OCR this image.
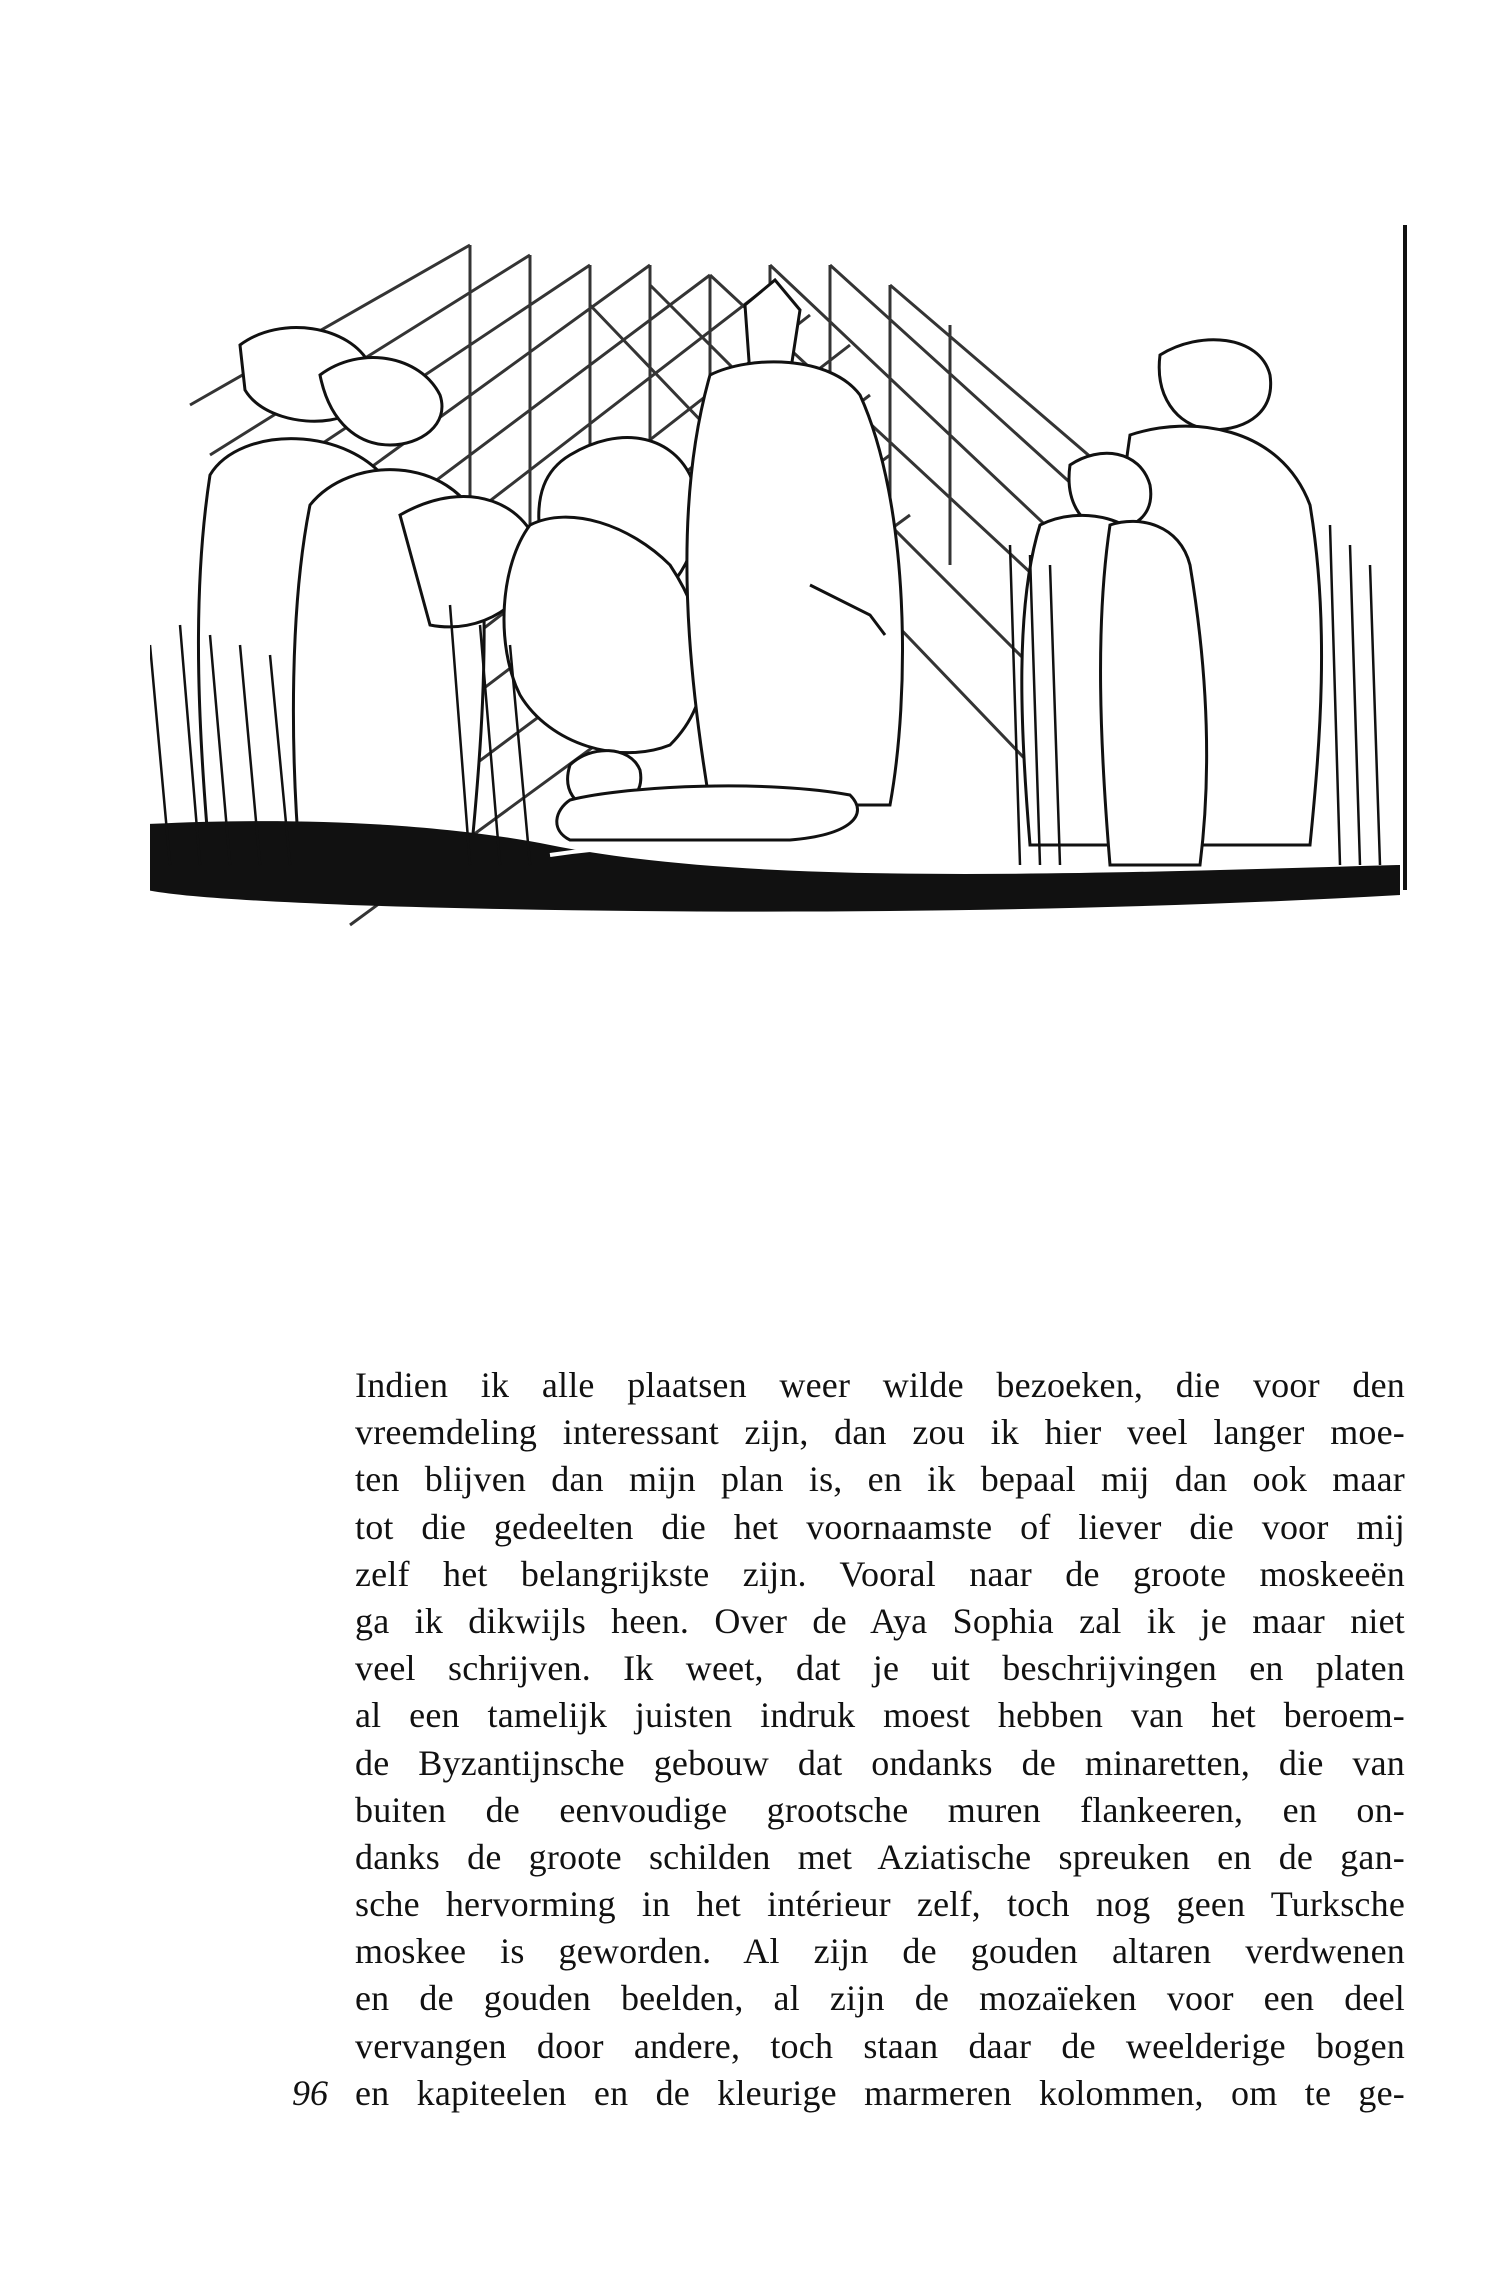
Indien ik alle plaatsen weer wilde bezoeken, die voor den
vreemdeling interessant zijn, dan zou ik hier veel langer moe-
ten blijven dan mijn plan is, en ik bepaal mij dan ook maar
tot die gedeelten die het voornaamste of liever die voor mij
zelf het belangrijkste zijn. Vooral naar de groote moskeeën
ga ik dikwijls heen. Over de Aya Sophia zal ik je maar niet
veel schrijven. Ik weet, dat je uit beschrijvingen en platen
al een tamelijk juisten indruk moest hebben van het beroem-
de Byzantijnsche gebouw dat ondanks de minaretten, die van
buiten de eenvoudige grootsche muren flankeeren, en on-
danks de groote schilden met Aziatische spreuken en de gan-
sche hervorming in het intérieur zelf, toch nog geen Turksche
moskee is geworden. Al zijn de gouden altaren verdwenen
en de gouden beelden, al zijn de mozaïeken voor een deel
vervangen door andere, toch staan daar de weelderige bogen
en kapiteelen en de kleurige marmeren kolommen, om te ge-
96
